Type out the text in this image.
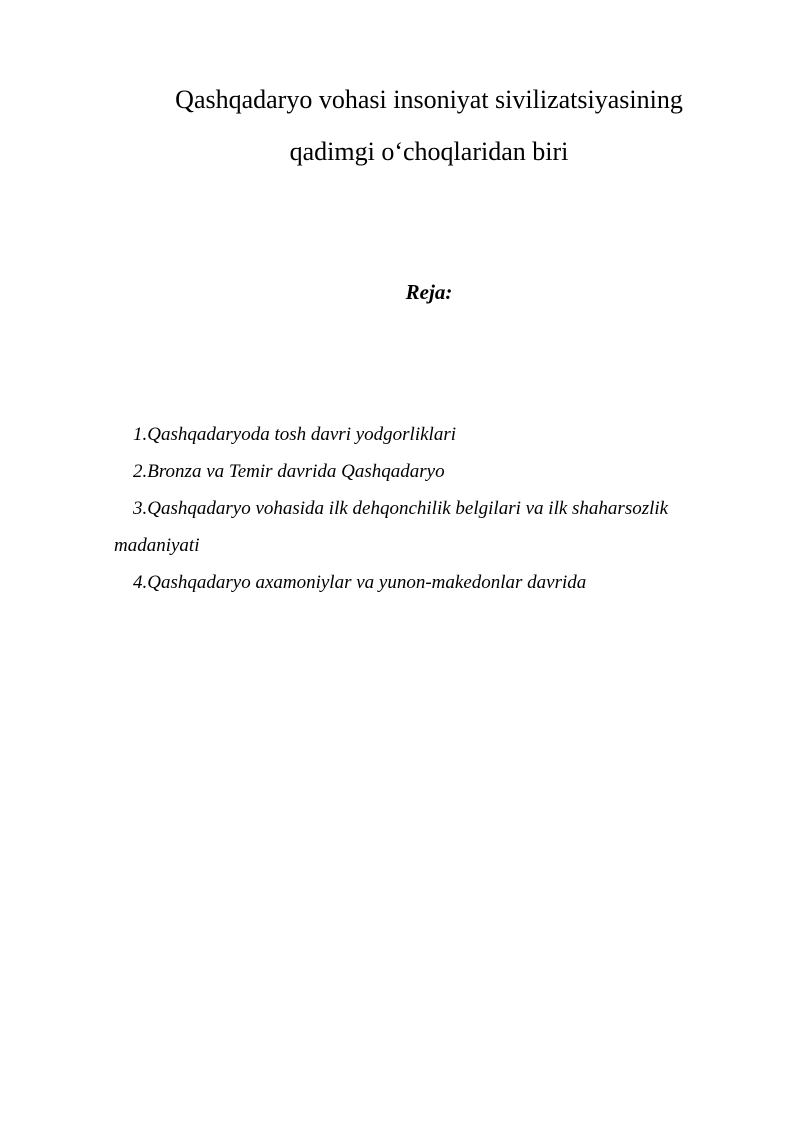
Qashqadaryo vohasi insoniyat sivilizatsiyasining
qadimgi o‘choqlaridan biri
Reja:
1.Qashqadaryoda tosh davri yodgorliklari
2.Bronza va Temir davrida Qashqadaryo
3.Qashqadaryo vohasida ilk dehqonchilik belgilari va ilk shaharsozlik madaniyati
4.Qashqadaryo axamoniylar va yunon-makedonlar davrida
